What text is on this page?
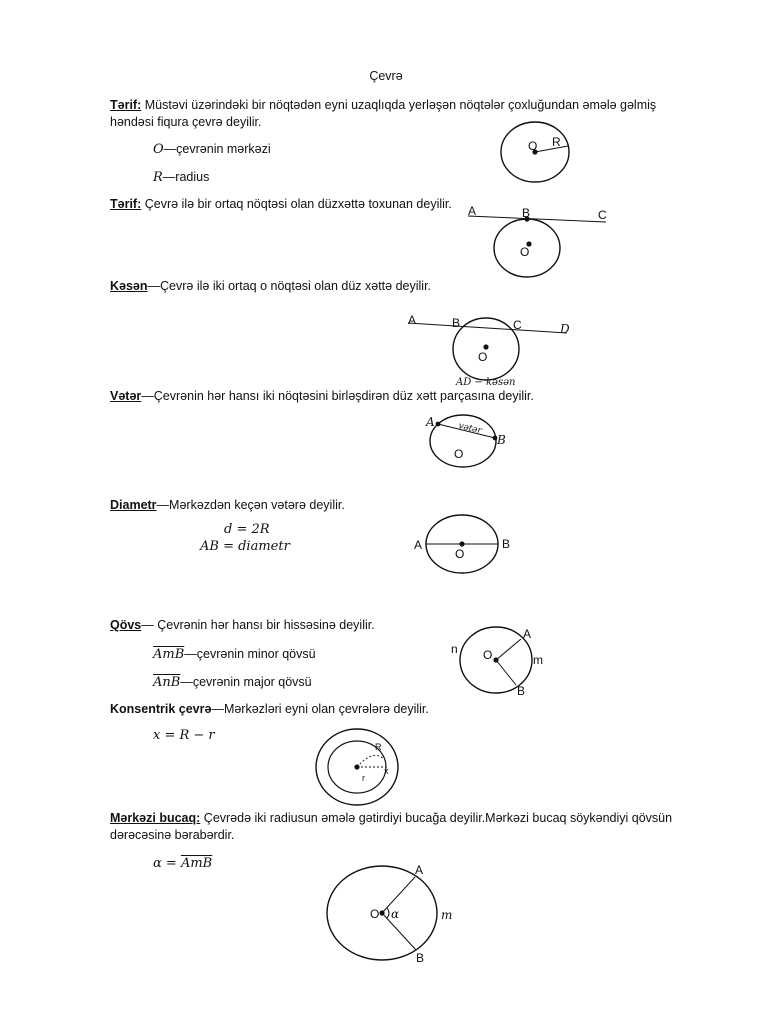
Çevrə
Tərif: Müstəvi üzərindəki bir nöqtədən eyni uzaqlıqda yerləşən nöqtələr çoxluğundan əmələ gəlmiş
həndəsi fiqura çevrə deyilir.
O—çevrənin mərkəzi
R—radius
O R
A	B	C
O
A	B	C	D
O
AD − kəsən
A
B
O
vətər
A	B
O
A
B
O	m
n
R
r
x
A
B
O α	m
Tərif: Çevrə ilə bir ortaq nöqtəsi olan düzxəttə toxunan deyilir.
Kəsən—Çevrə ilə iki ortaq o nöqtəsi olan düz xəttə deyilir.
Vətər—Çevrənin hər hansı iki nöqtəsini birləşdirən düz xətt parçasına deyilir.
Diametr—Mərkəzdən keçən vətərə deyilir.
d = 2R
AB = diametr
Qövs— Çevrənin hər hansı bir hissəsinə deyilir.
$\overline{AmB}—çevrənin$ minor qövsü
$\overline{AnB}—çevrənin$ major qövsü
Konsentrik çevrə—Mərkəzləri eyni olan çevrələrə deyilir.
x = R − r
Mərkəzi bucaq: Çevrədə iki radiusun əmələ gətirdiyi bucağa deyilir.Mərkəzi bucaq söykəndiyi qövsün
dərəcəsinə bərabərdir.
$\alpha = \overline{AmB}$
